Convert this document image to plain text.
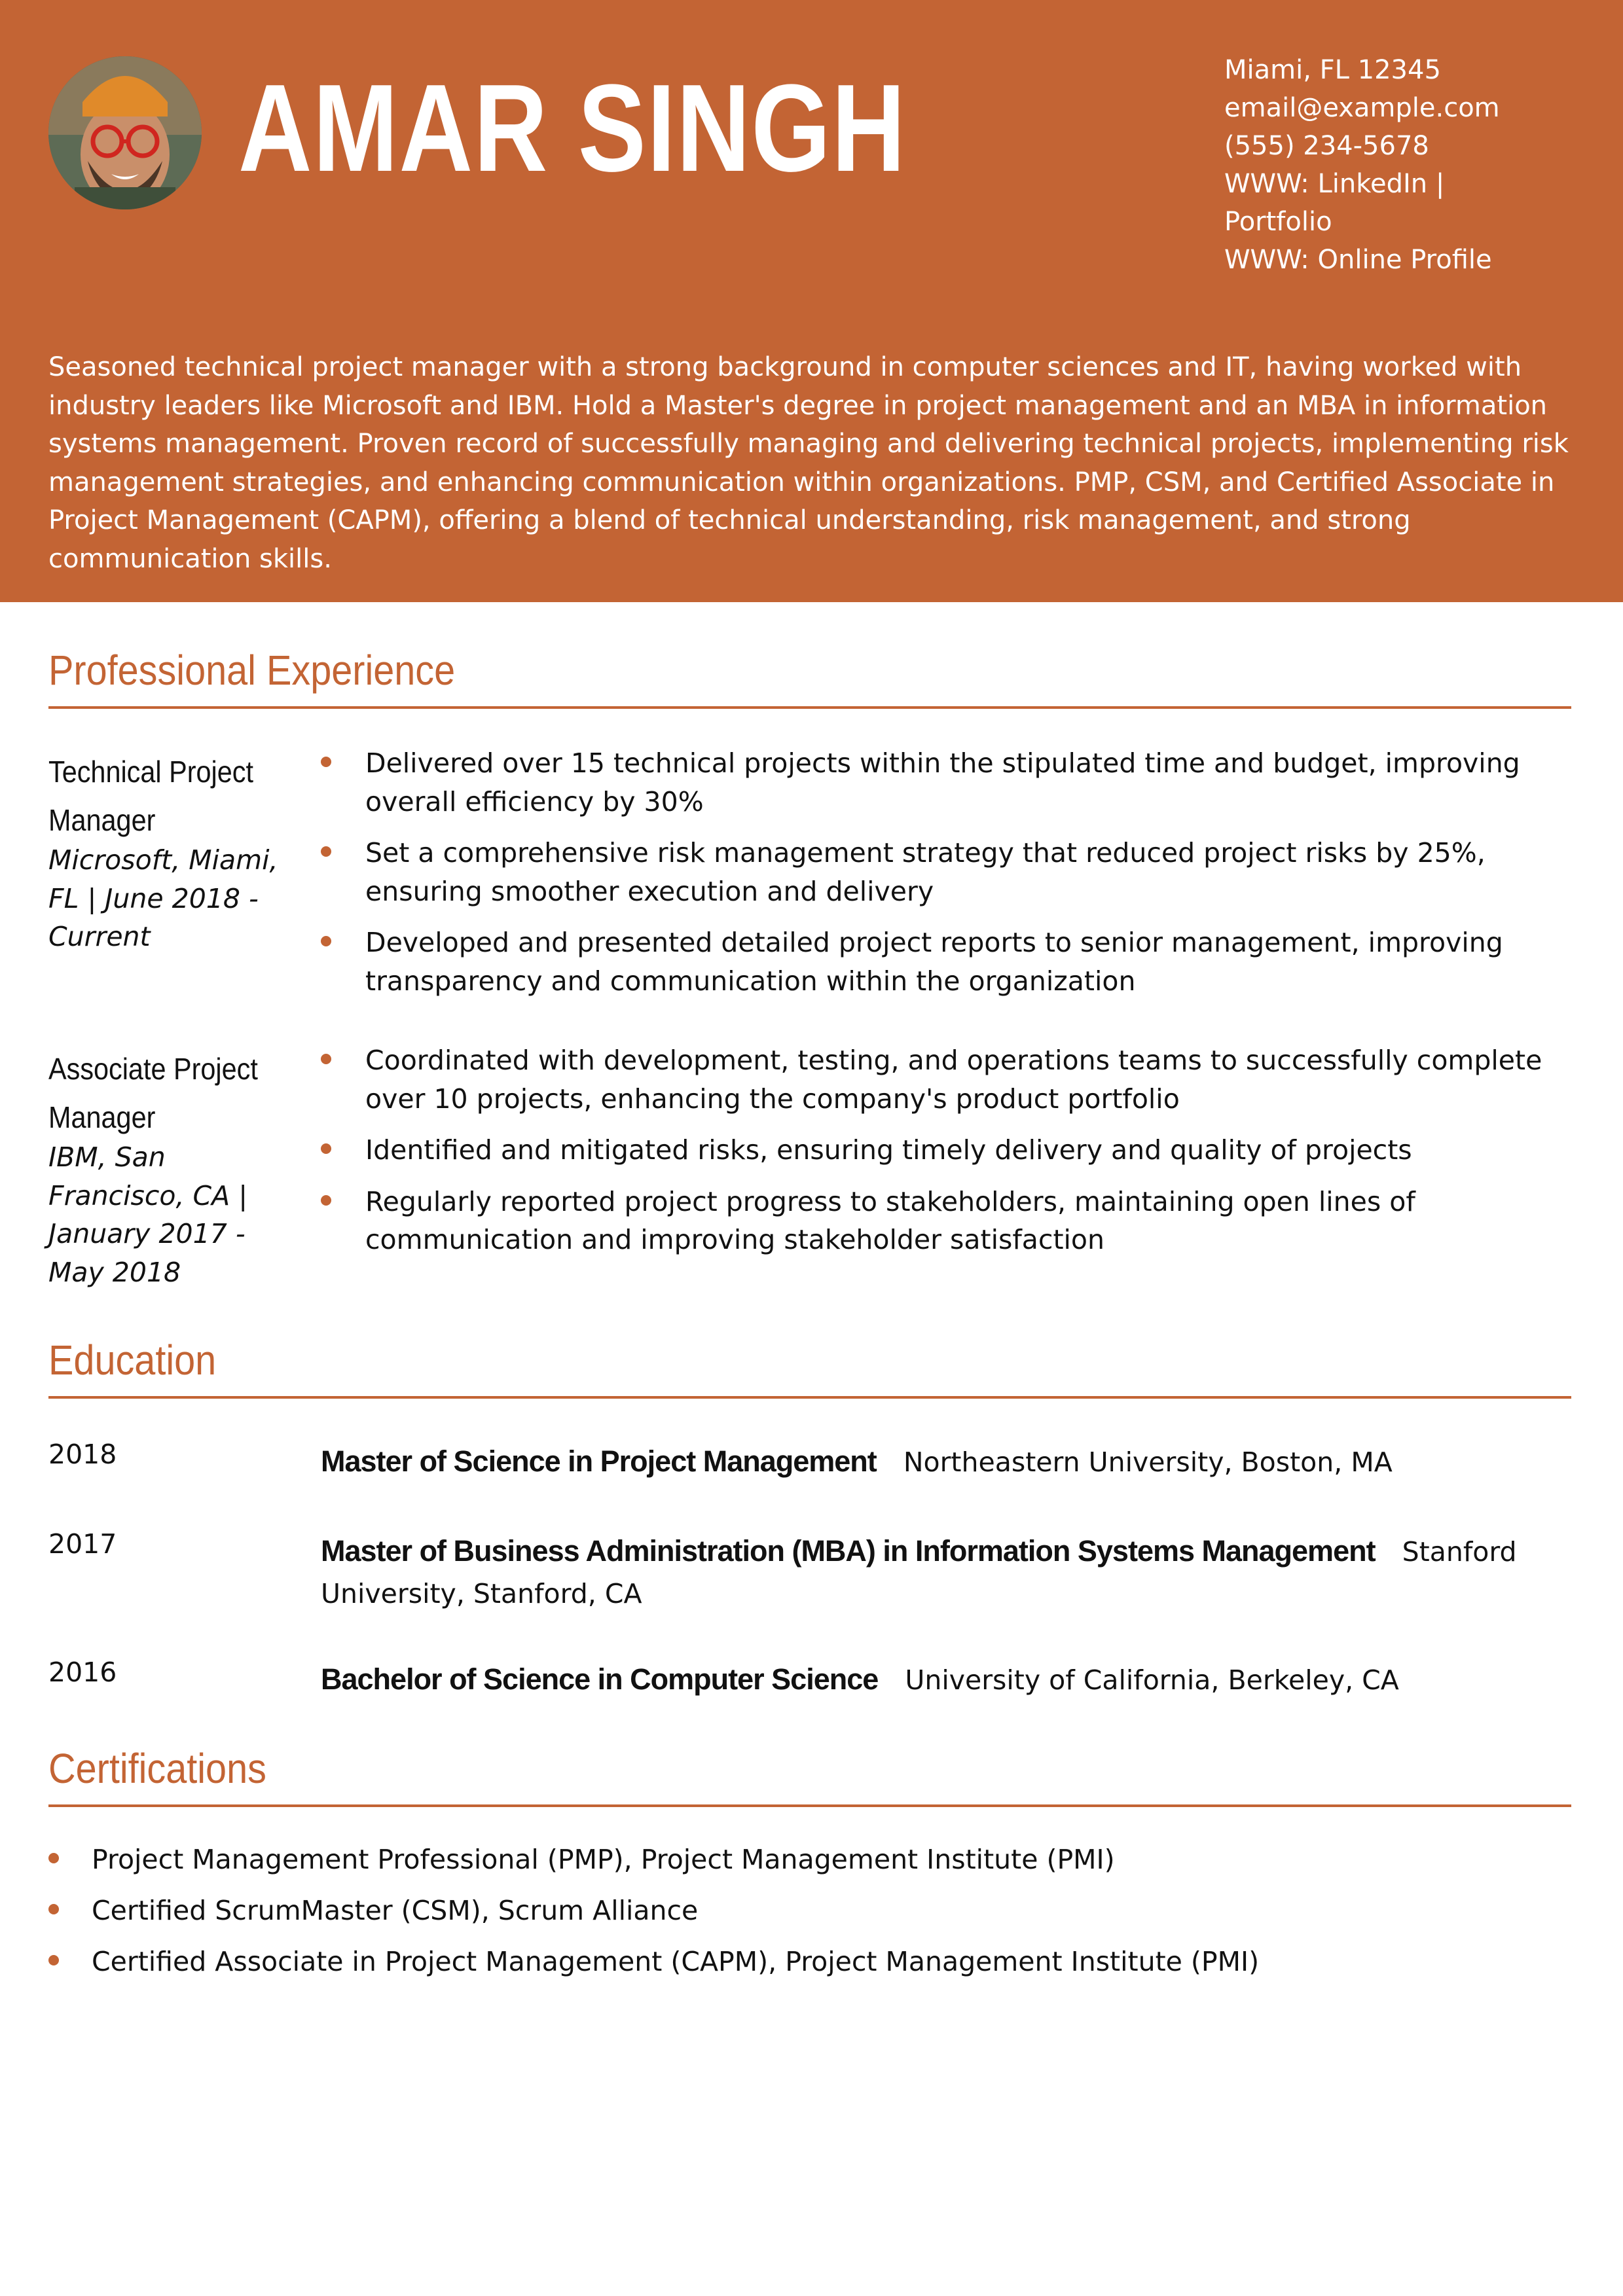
AMAR SINGH	Miami, FL 12345
email@example.com
(555) 234-5678
WWW: LinkedIn |
Portfolio
WWW: Online Profile
Seasoned technical project manager with a strong background in computer sciences and IT, having worked with industry leaders like Microsoft and IBM. Hold a Master's degree in project management and an MBA in information systems management. Proven record of successfully managing and delivering technical projects, implementing risk management strategies, and enhancing communication within organizations. PMP, CSM, and Certified Associate in Project Management (CAPM), offering a blend of technical understanding, risk management, and strong communication skills.
Professional Experience
Technical Project Manager
Microsoft, Miami, FL | June 2018 - Current
Delivered over 15 technical projects within the stipulated time and budget, improving overall efficiency by 30%
Set a comprehensive risk management strategy that reduced project risks by 25%, ensuring smoother execution and delivery
Developed and presented detailed project reports to senior management, improving transparency and communication within the organization
Associate Project Manager
IBM, San Francisco, CA | January 2017 - May 2018
Coordinated with development, testing, and operations teams to successfully complete over 10 projects, enhancing the company's product portfolio
Identified and mitigated risks, ensuring timely delivery and quality of projects
Regularly reported project progress to stakeholders, maintaining open lines of communication and improving stakeholder satisfaction
Education
2018	Master of Science in Project Management Northeastern University, Boston, MA
2017	Master of Business Administration (MBA) in Information Systems Management Stanford University, Stanford, CA
2016	Bachelor of Science in Computer Science University of California, Berkeley, CA
Certifications
Project Management Professional (PMP), Project Management Institute (PMI)
Certified ScrumMaster (CSM), Scrum Alliance
Certified Associate in Project Management (CAPM), Project Management Institute (PMI)
